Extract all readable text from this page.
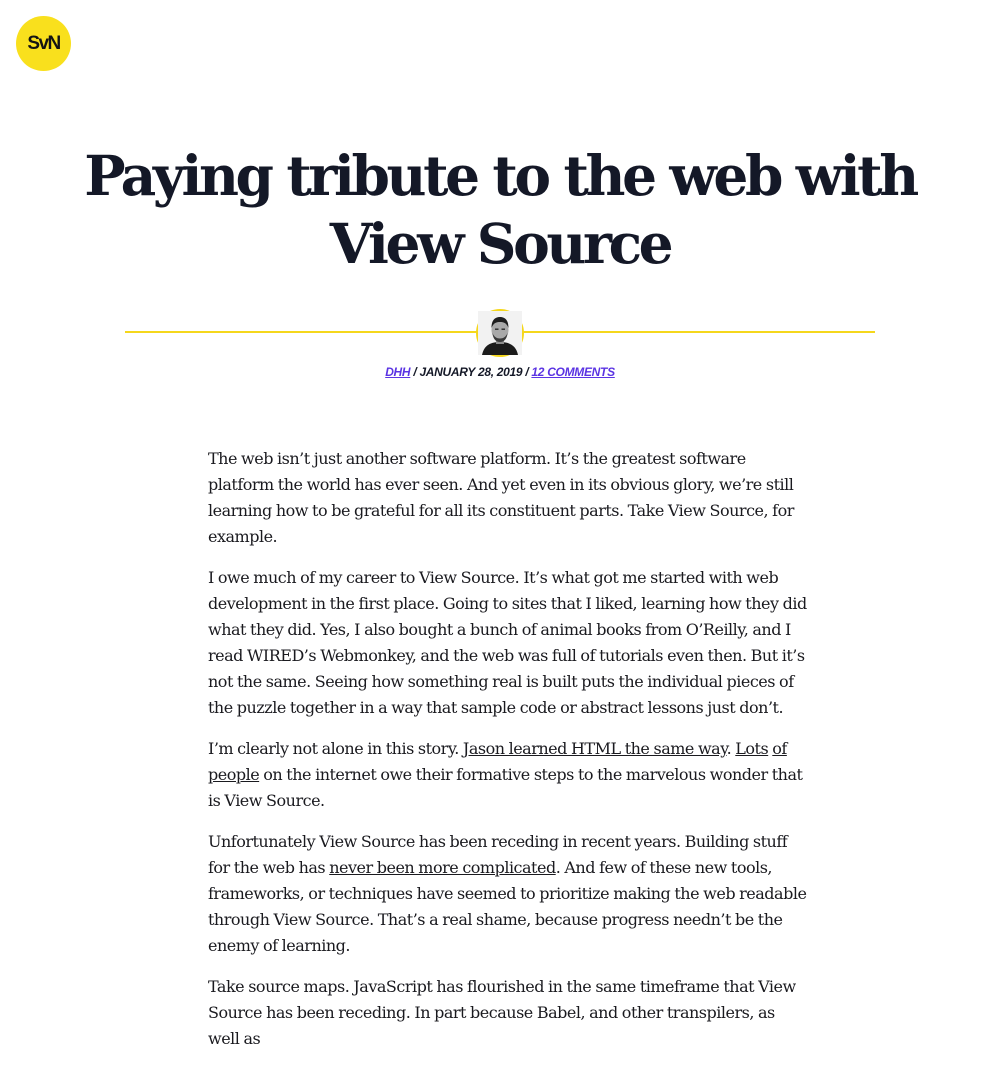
SvN
Paying tribute to the web with
View Source
DHH / JANUARY 28, 2019 / 12 COMMENTS

The web isn’t just another software platform. It’s the greatest software platform the world has ever seen. And yet even in its obvious glory, we’re still learning how to be grateful for all its constituent parts. Take View Source, for example.

I owe much of my career to View Source. It’s what got me started with web development in the first place. Going to sites that I liked, learning how they did what they did. Yes, I also bought a bunch of animal books from O’Reilly, and I read WIRED’s Webmonkey, and the web was full of tutorials even then. But it’s not the same. Seeing how something real is built puts the individual pieces of the puzzle together in a way that sample code or abstract lessons just don’t.

I’m clearly not alone in this story. Jason learned HTML the same way. Lots of people on the internet owe their formative steps to the marvelous wonder that is View Source.

Unfortunately View Source has been receding in recent years. Building stuff for the web has never been more complicated. And few of these new tools, frameworks, or techniques have seemed to prioritize making the web readable through View Source. That’s a real shame, because progress needn’t be the enemy of learning.

Take source maps. JavaScript has flourished in the same timeframe that View Source has been receding. In part because Babel, and other transpilers, as well as
